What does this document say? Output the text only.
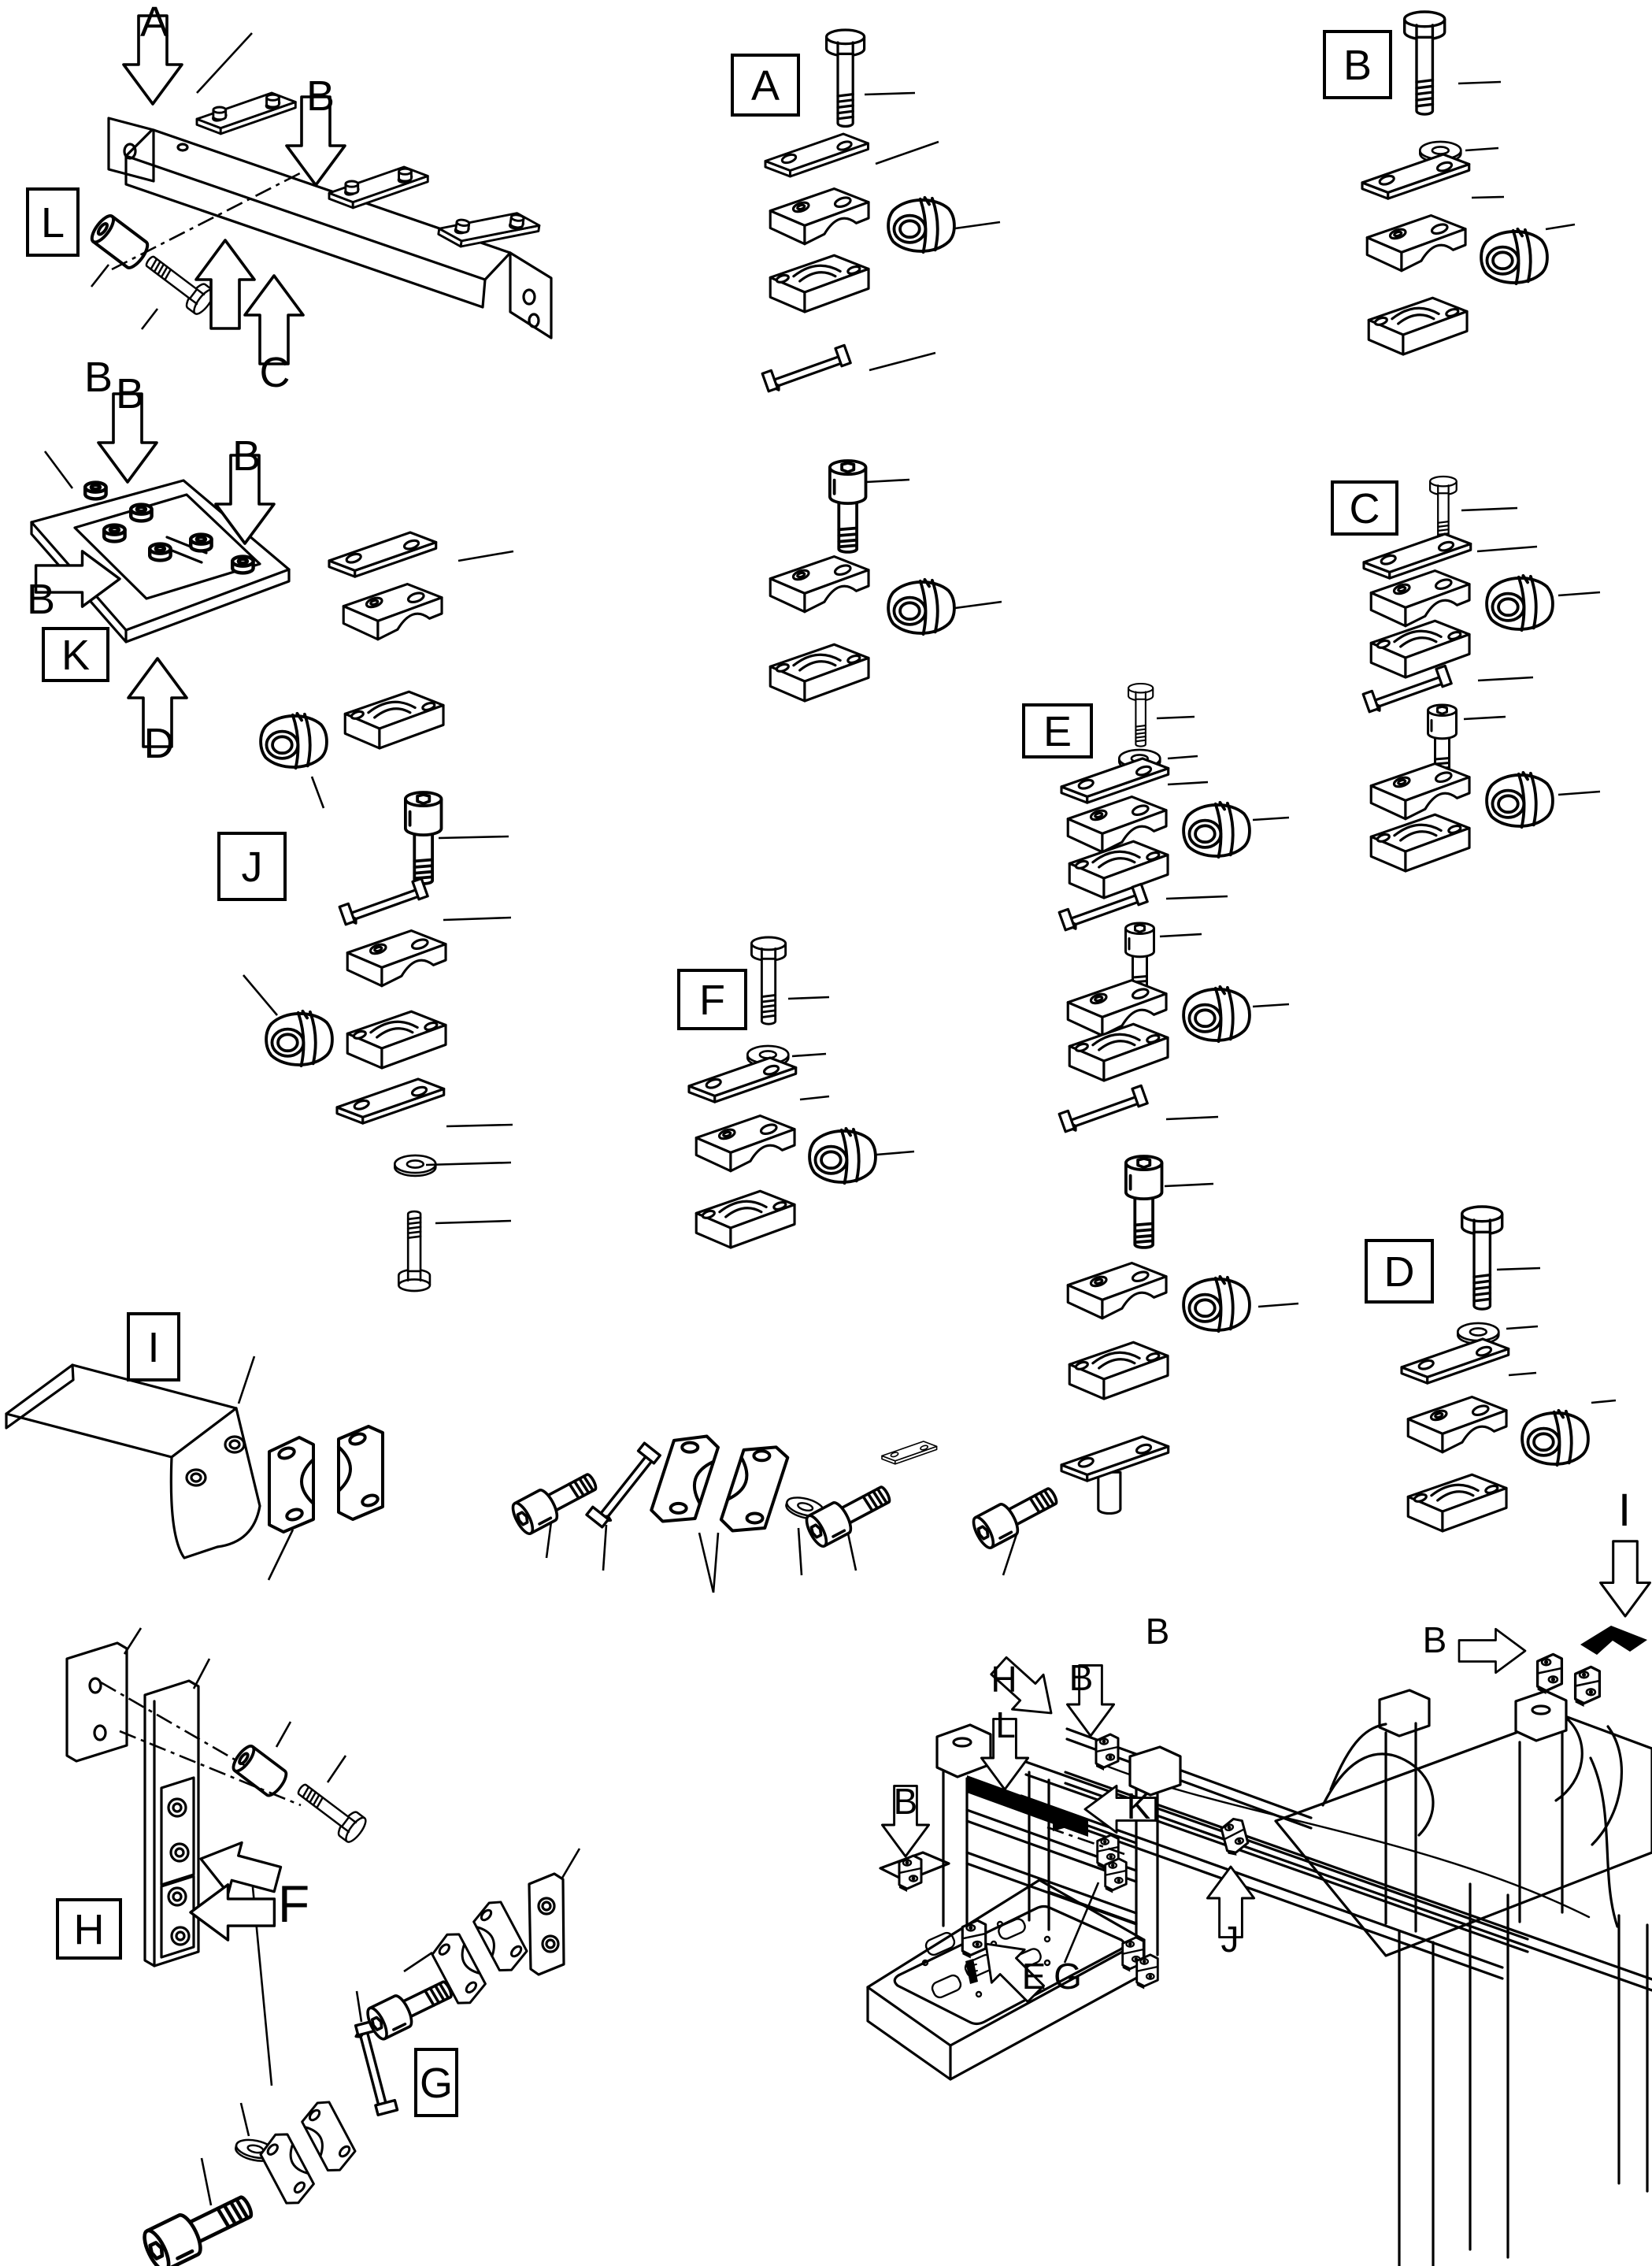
A
B
B	C
B
B
B
D
F
H
L
B
B	K
E G
J
B
B
I
A	B
C
D
E
F
G
H
I
J
K
L
